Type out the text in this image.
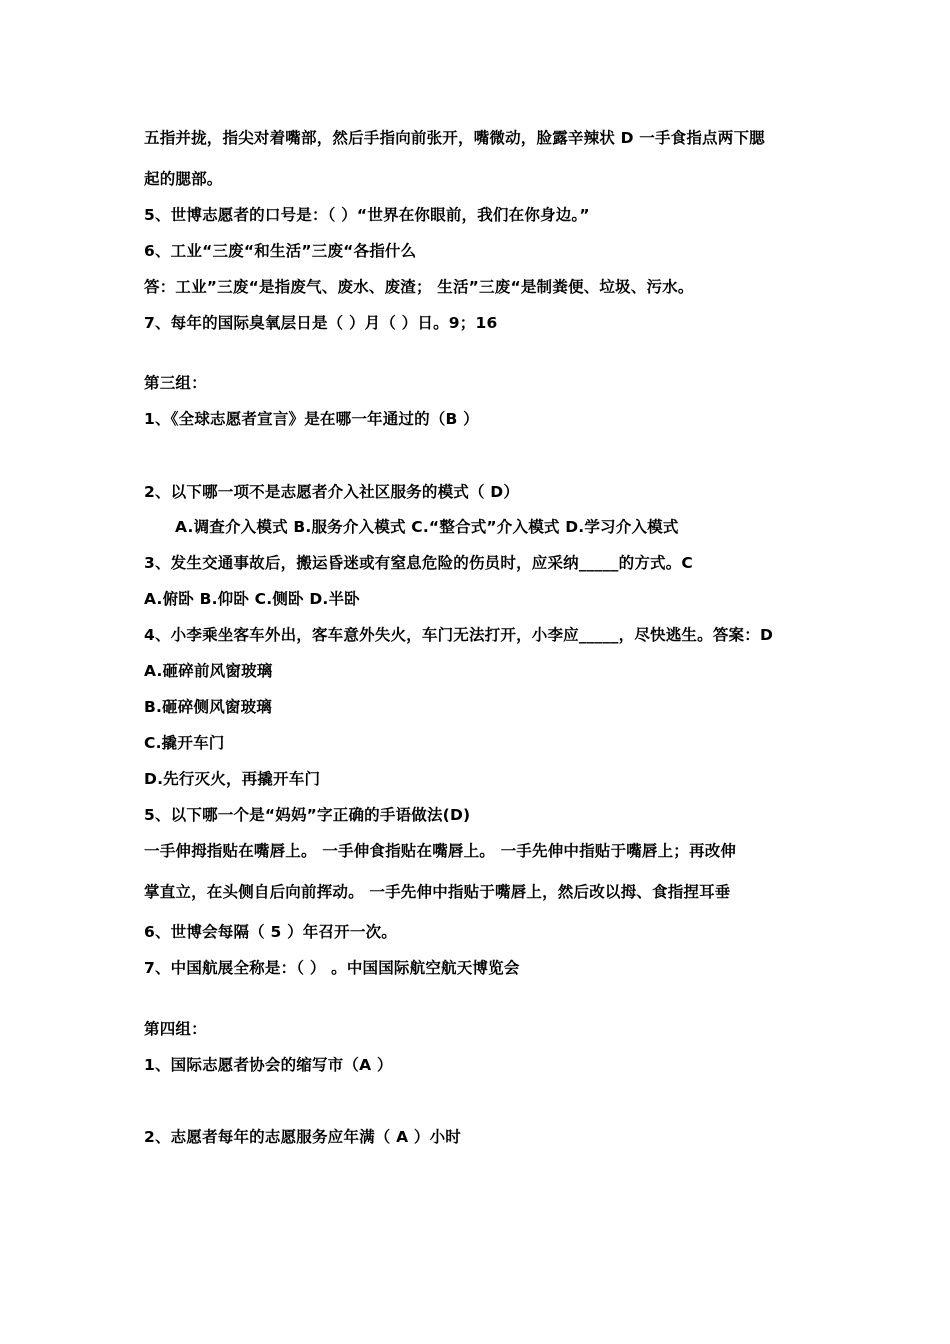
五指并拢，指尖对着嘴部，然后手指向前张开，嘴微动，脸露辛辣状 D 一手食指点两下腮
起的腮部。
5、世博志愿者的口号是：（ ）“世界在你眼前，我们在你身边。”
6、工业“三废“和生活”三废“各指什么
答：工业”三废“是指废气、废水、废渣； 生活”三废“是制粪便、垃圾、污水。
7、每年的国际臭氧层日是（ ）月（ ）日。9；16
第三组：
1、《全球志愿者宣言》是在哪一年通过的（B ）
2、以下哪一项不是志愿者介入社区服务的模式（ D）
A.调查介入模式 B.服务介入模式 C.“整合式”介入模式 D.学习介入模式
3、发生交通事故后，搬运昏迷或有窒息危险的伤员时，应采纳_____的方式。C
A.俯卧 B.仰卧 C.侧卧 D.半卧
4、小李乘坐客车外出，客车意外失火，车门无法打开，小李应_____，尽快逃生。答案：D
A.砸碎前风窗玻璃
B.砸碎侧风窗玻璃
C.撬开车门
D.先行灭火，再撬开车门
5、以下哪一个是“妈妈”字正确的手语做法(D)
一手伸拇指贴在嘴唇上。 一手伸食指贴在嘴唇上。 一手先伸中指贴于嘴唇上；再改伸
掌直立，在头侧自后向前挥动。 一手先伸中指贴于嘴唇上，然后改以拇、食指捏耳垂
6、世博会每隔（ 5 ）年召开一次。
7、中国航展全称是：（ ） 。中国国际航空航天博览会
第四组：
1、国际志愿者协会的缩写市（A ）
2、志愿者每年的志愿服务应年满（ A ）小时
